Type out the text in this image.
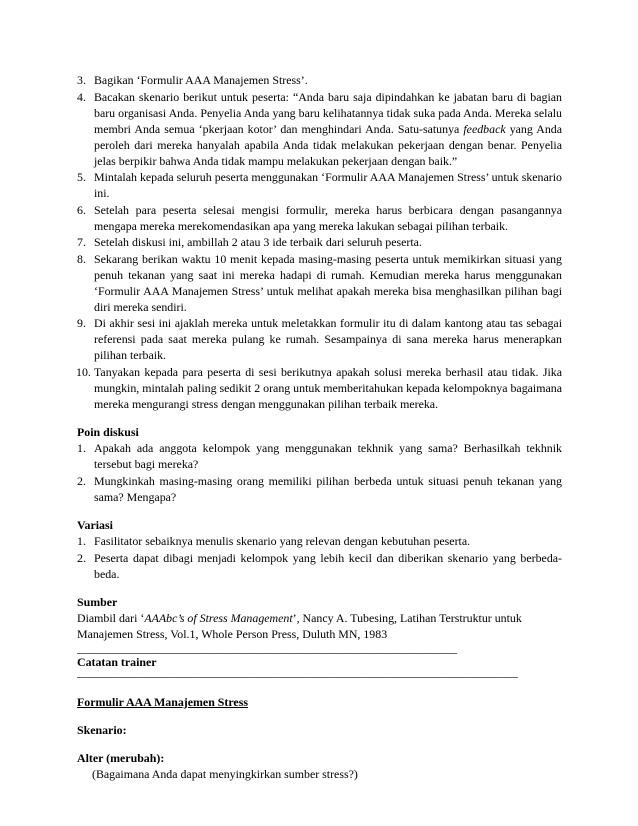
3. Bagikan ‘Formulir AAA Manajemen Stress’.
4. Bacakan skenario berikut untuk peserta: “Anda baru saja dipindahkan ke jabatan baru di bagian baru organisasi Anda. Penyelia Anda yang baru kelihatannya tidak suka pada Anda. Mereka selalu membri Anda semua ‘pkerjaan kotor’ dan menghindari Anda. Satu-satunya feedback yang Anda peroleh dari mereka hanyalah apabila Anda tidak melakukan pekerjaan dengan benar. Penyelia jelas berpikir bahwa Anda tidak mampu melakukan pekerjaan dengan baik.”
5. Mintalah kepada seluruh peserta menggunakan ‘Formulir AAA Manajemen Stress’ untuk skenario ini.
6. Setelah para peserta selesai mengisi formulir, mereka harus berbicara dengan pasangannya mengapa mereka merekomendasikan apa yang mereka lakukan sebagai pilihan terbaik.
7. Setelah diskusi ini, ambillah 2 atau 3 ide terbaik dari seluruh peserta.
8. Sekarang berikan waktu 10 menit kepada masing-masing peserta untuk memikirkan situasi yang penuh tekanan yang saat ini mereka hadapi di rumah. Kemudian mereka harus menggunakan ‘Formulir AAA Manajemen Stress’ untuk melihat apakah mereka bisa menghasilkan pilihan bagi diri mereka sendiri.
9. Di akhir sesi ini ajaklah mereka untuk meletakkan formulir itu di dalam kantong atau tas sebagai referensi pada saat mereka pulang ke rumah. Sesampainya di sana mereka harus menerapkan pilihan terbaik.
10. Tanyakan kepada para peserta di sesi berikutnya apakah solusi mereka berhasil atau tidak. Jika mungkin, mintalah paling sedikit 2 orang untuk memberitahukan kepada kelompoknya bagaimana mereka mengurangi stress dengan menggunakan pilihan terbaik mereka.

Poin diskusi

1. Apakah ada anggota kelompok yang menggunakan tekhnik yang sama? Berhasilkah tekhnik tersebut bagi mereka?
2. Mungkinkah masing-masing orang memiliki pilihan berbeda untuk situasi penuh tekanan yang sama? Mengapa?

Variasi

1. Fasilitator sebaiknya menulis skenario yang relevan dengan kebutuhan peserta.
2. Peserta dapat dibagi menjadi kelompok yang lebih kecil dan diberikan skenario yang berbeda-beda.

Sumber

Diambil dari ‘AAAbc’s of Stress Management’, Nancy A. Tubesing, Latihan Terstruktur untuk Manajemen Stress, Vol.1, Whole Person Press, Duluth MN, 1983

_______________________________________________________________________

Catatan trainer

———————————————————————————————————————

Formulir AAA Manajemen Stress

Skenario:

Alter (merubah):

(Bagaimana Anda dapat menyingkirkan sumber stress?)
